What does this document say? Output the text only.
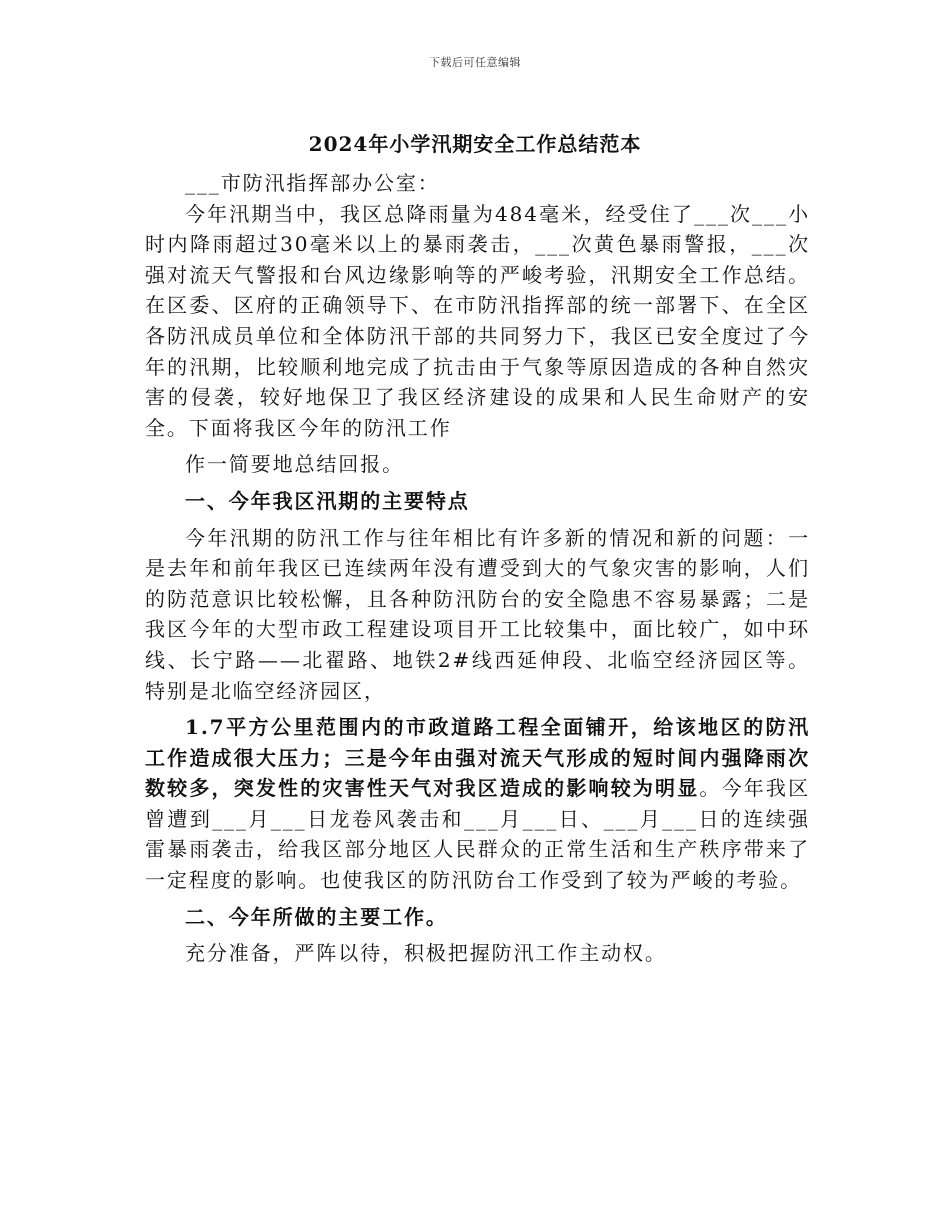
下载后可任意编辑
2024年小学汛期安全工作总结范本

___市防汛指挥部办公室：

今年汛期当中，我区总降雨量为484毫米，经受住了___次___小时内降雨超过30毫米以上的暴雨袭击，___次黄色暴雨警报，___次强对流天气警报和台风边缘影响等的严峻考验，汛期安全工作总结。在区委、区府的正确领导下、在市防汛指挥部的统一部署下、在全区各防汛成员单位和全体防汛干部的共同努力下，我区已安全度过了今年的汛期，比较顺利地完成了抗击由于气象等原因造成的各种自然灾害的侵袭，较好地保卫了我区经济建设的成果和人民生命财产的安全。下面将我区今年的防汛工作

作一简要地总结回报。

一、今年我区汛期的主要特点

今年汛期的防汛工作与往年相比有许多新的情况和新的问题：一是去年和前年我区已连续两年没有遭受到大的气象灾害的影响，人们的防范意识比较松懈，且各种防汛防台的安全隐患不容易暴露；二是我区今年的大型市政工程建设项目开工比较集中，面比较广，如中环线、长宁路——北翟路、地铁2#线西延伸段、北临空经济园区等。特别是北临空经济园区，

1.7平方公里范围内的市政道路工程全面铺开，给该地区的防汛工作造成很大压力；三是今年由强对流天气形成的短时间内强降雨次数较多，突发性的灾害性天气对我区造成的影响较为明显。今年我区曾遭到___月___日龙卷风袭击和___月___日、___月___日的连续强雷暴雨袭击，给我区部分地区人民群众的正常生活和生产秩序带来了一定程度的影响。也使我区的防汛防台工作受到了较为严峻的考验。

二、今年所做的主要工作。

充分准备，严阵以待，积极把握防汛工作主动权。
